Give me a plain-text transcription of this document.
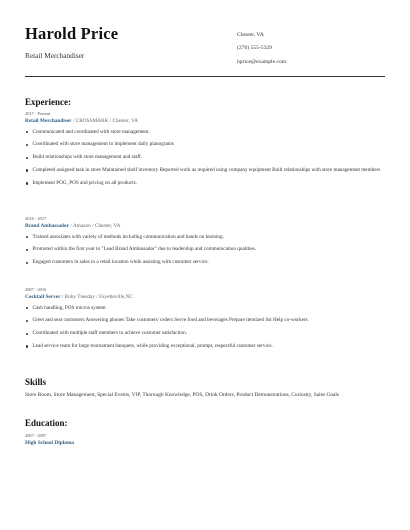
Harold Price
Retail Merchandiser
Chester, VA
(270) 555-5329
hprice@example.com
Experience:
2017 - Present
Retail Merchandiser / CROSSMARK / Chester, VA
Communicated and coordinated with store management.
Coordinated with store management to implement daily planograms
Build relationships with store management and staff.
Completed assigned task in store Maintained shelf inventory Reported work as required using company equipment Built relationships with store management members
Implement POG, POS and pricing on all products.
2016 - 2017
Brand Ambassador / Amazon / Chester, VA
Trained associates with variety of methods including communication and hands on learning.
Promoted within the first year to "Lead Brand Ambassador" due to leadership and communication qualities.
Engaged customers in sales in a retail location while assisting with customer service.
2007 - 2016
Cocktail Server / Ruby Tuesday / Fayetteville,NC
Cash handling, POS micros system
Greet and seat customers Answering phones Take customers' orders Serve food and beverages Prepare itemized list Help co-workers
Coordinated with multiple staff members to achieve customer satisfaction.
Lead service team for large tournament banquets, while providing exceptional, prompt, respectful customer service.
Skills
Store Room, Store Management, Special Events, VIP, Thorough Knowledge, POS, Drink Orders, Product Demonstrations, Curiosity, Sales Goals
Education:
2007 - 2007
High School Diploma
